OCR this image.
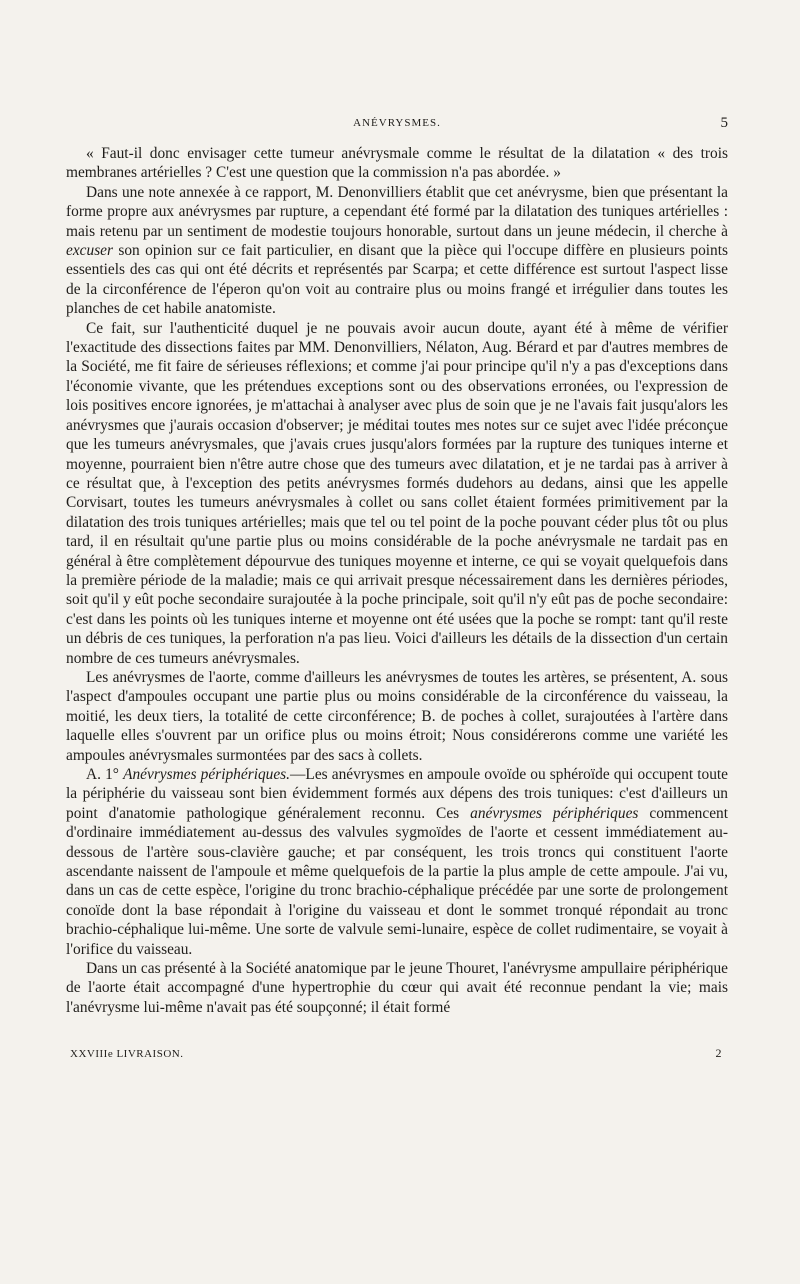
ANÉVRYSMES.	5

« Faut-il donc envisager cette tumeur anévrysmale comme le résultat de la dilatation « des trois membranes artérielles ? C'est une question que la commission n'a pas abordée. »

Dans une note annexée à ce rapport, M. Denonvilliers établit que cet anévrysme, bien que présentant la forme propre aux anévrysmes par rupture, a cependant été formé par la dilatation des tuniques artérielles : mais retenu par un sentiment de modestie toujours honorable, surtout dans un jeune médecin, il cherche à excuser son opinion sur ce fait particulier, en disant que la pièce qui l'occupe diffère en plusieurs points essentiels des cas qui ont été décrits et représentés par Scarpa; et cette différence est surtout l'aspect lisse de la circonférence de l'éperon qu'on voit au contraire plus ou moins frangé et irrégulier dans toutes les planches de cet habile anatomiste.

Ce fait, sur l'authenticité duquel je ne pouvais avoir aucun doute, ayant été à même de vérifier l'exactitude des dissections faites par MM. Denonvilliers, Nélaton, Aug. Bérard et par d'autres membres de la Société, me fit faire de sérieuses réflexions; et comme j'ai pour principe qu'il n'y a pas d'exceptions dans l'économie vivante, que les prétendues exceptions sont ou des observations erronées, ou l'expression de lois positives encore ignorées, je m'attachai à analyser avec plus de soin que je ne l'avais fait jusqu'alors les anévrysmes que j'aurais occasion d'observer; je méditai toutes mes notes sur ce sujet avec l'idée préconçue que les tumeurs anévrysmales, que j'avais crues jusqu'alors formées par la rupture des tuniques interne et moyenne, pourraient bien n'être autre chose que des tumeurs avec dilatation, et je ne tardai pas à arriver à ce résultat que, à l'exception des petits anévrysmes formés dudehors au dedans, ainsi que les appelle Corvisart, toutes les tumeurs anévrysmales à collet ou sans collet étaient formées primitivement par la dilatation des trois tuniques artérielles; mais que tel ou tel point de la poche pouvant céder plus tôt ou plus tard, il en résultait qu'une partie plus ou moins considérable de la poche anévrysmale ne tardait pas en général à être complètement dépourvue des tuniques moyenne et interne, ce qui se voyait quelquefois dans la première période de la maladie; mais ce qui arrivait presque nécessairement dans les dernières périodes, soit qu'il y eût poche secondaire surajoutée à la poche principale, soit qu'il n'y eût pas de poche secondaire: c'est dans les points où les tuniques interne et moyenne ont été usées que la poche se rompt: tant qu'il reste un débris de ces tuniques, la perforation n'a pas lieu. Voici d'ailleurs les détails de la dissection d'un certain nombre de ces tumeurs anévrysmales.

Les anévrysmes de l'aorte, comme d'ailleurs les anévrysmes de toutes les artères, se présentent, A. sous l'aspect d'ampoules occupant une partie plus ou moins considérable de la circonférence du vaisseau, la moitié, les deux tiers, la totalité de cette circonférence; B. de poches à collet, surajoutées à l'artère dans laquelle elles s'ouvrent par un orifice plus ou moins étroit; Nous considérerons comme une variété les ampoules anévrysmales surmontées par des sacs à collets.

A. 1° Anévrysmes périphériques.—Les anévrysmes en ampoule ovoïde ou sphéroïde qui occupent toute la périphérie du vaisseau sont bien évidemment formés aux dépens des trois tuniques: c'est d'ailleurs un point d'anatomie pathologique généralement reconnu. Ces anévrysmes périphériques commencent d'ordinaire immédiatement au-dessus des valvules sygmoïdes de l'aorte et cessent immédiatement au-dessous de l'artère sous-clavière gauche; et par conséquent, les trois troncs qui constituent l'aorte ascendante naissent de l'ampoule et même quelquefois de la partie la plus ample de cette ampoule. J'ai vu, dans un cas de cette espèce, l'origine du tronc brachio-céphalique précédée par une sorte de prolongement conoïde dont la base répondait à l'origine du vaisseau et dont le sommet tronqué répondait au tronc brachio-céphalique lui-même. Une sorte de valvule semi-lunaire, espèce de collet rudimentaire, se voyait à l'orifice du vaisseau.

Dans un cas présenté à la Société anatomique par le jeune Thouret, l'anévrysme ampullaire périphérique de l'aorte était accompagné d'une hypertrophie du cœur qui avait été reconnue pendant la vie; mais l'anévrysme lui-même n'avait pas été soupçonné; il était formé

XXVIIIe LIVRAISON.	2
